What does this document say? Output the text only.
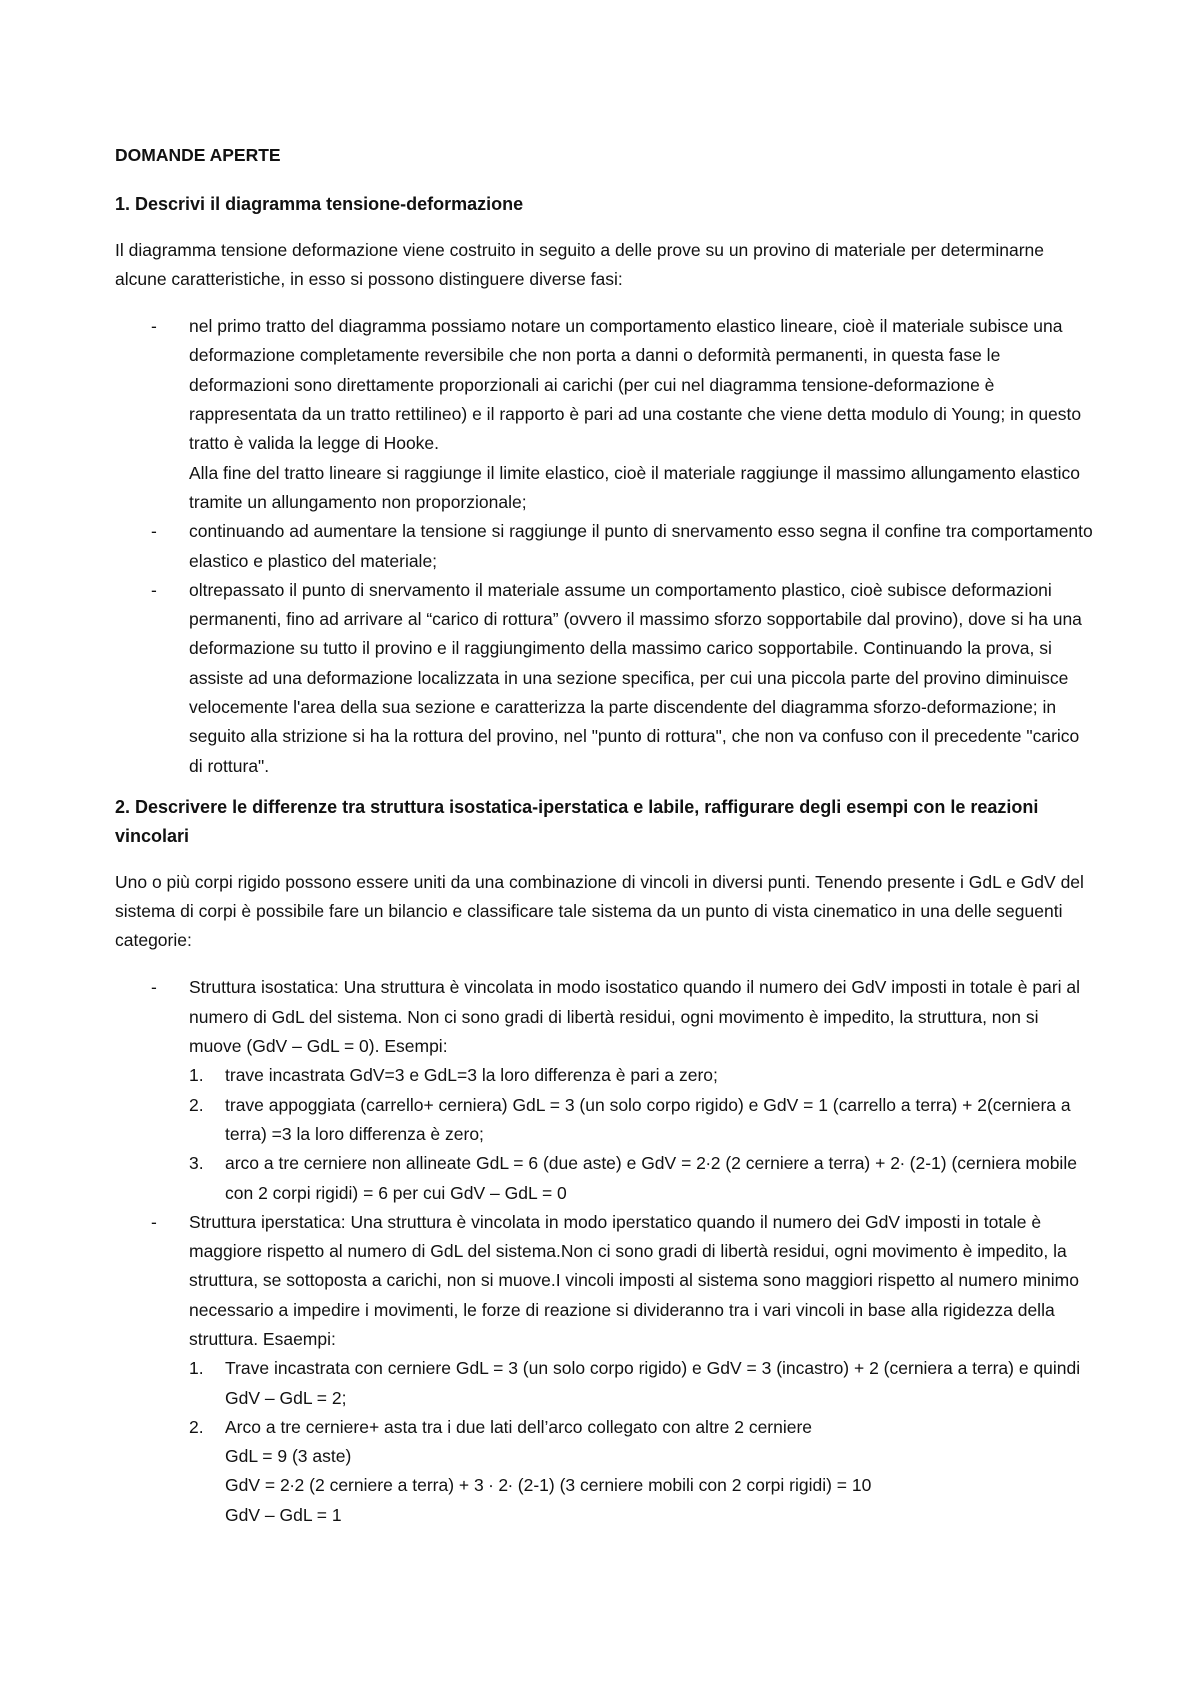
DOMANDE APERTE
1. Descrivi il diagramma tensione-deformazione
Il diagramma tensione deformazione viene costruito in seguito a delle prove su un provino di materiale per determinarne alcune caratteristiche, in esso si possono distinguere diverse fasi:
- nel primo tratto del diagramma possiamo notare un comportamento elastico lineare, cioè il materiale subisce una deformazione completamente reversibile che non porta a danni o deformità permanenti, in questa fase le deformazioni sono direttamente proporzionali ai carichi (per cui nel diagramma tensione-deformazione è rappresentata da un tratto rettilineo) e il rapporto è pari ad una costante che viene detta modulo di Young; in questo tratto è valida la legge di Hooke.
Alla fine del tratto lineare si raggiunge il limite elastico, cioè il materiale raggiunge il massimo allungamento elastico tramite un allungamento non proporzionale;
- continuando ad aumentare la tensione si raggiunge il punto di snervamento esso segna il confine tra comportamento elastico e plastico del materiale;
- oltrepassato il punto di snervamento il materiale assume un comportamento plastico, cioè subisce deformazioni permanenti, fino ad arrivare al “carico di rottura” (ovvero il massimo sforzo sopportabile dal provino), dove si ha una deformazione su tutto il provino e il raggiungimento della massimo carico sopportabile. Continuando la prova, si assiste ad una deformazione localizzata in una sezione specifica, per cui una piccola parte del provino diminuisce velocemente l'area della sua sezione e caratterizza la parte discendente del diagramma sforzo-deformazione; in seguito alla strizione si ha la rottura del provino, nel "punto di rottura", che non va confuso con il precedente "carico di rottura".
2. Descrivere le differenze tra struttura isostatica-iperstatica e labile, raffigurare degli esempi con le reazioni vincolari
Uno o più corpi rigido possono essere uniti da una combinazione di vincoli in diversi punti. Tenendo presente i GdL e GdV del sistema di corpi è possibile fare un bilancio e classificare tale sistema da un punto di vista cinematico in una delle seguenti categorie:
- Struttura isostatica: Una struttura è vincolata in modo isostatico quando il numero dei GdV imposti in totale è pari al numero di GdL del sistema. Non ci sono gradi di libertà residui, ogni movimento è impedito, la struttura, non si muove (GdV – GdL = 0). Esempi:
1. trave incastrata GdV=3 e GdL=3 la loro differenza è pari a zero;
2. trave appoggiata (carrello+ cerniera) GdL = 3 (un solo corpo rigido) e GdV = 1 (carrello a terra) + 2(cerniera a terra) =3 la loro differenza è zero;
3. arco a tre cerniere non allineate GdL = 6 (due aste) e GdV = 2∙2 (2 cerniere a terra) + 2∙ (2-1) (cerniera mobile con 2 corpi rigidi) = 6 per cui GdV – GdL = 0
- Struttura iperstatica: Una struttura è vincolata in modo iperstatico quando il numero dei GdV imposti in totale è maggiore rispetto al numero di GdL del sistema.Non ci sono gradi di libertà residui, ogni movimento è impedito, la struttura, se sottoposta a carichi, non si muove.I vincoli imposti al sistema sono maggiori rispetto al numero minimo necessario a impedire i movimenti, le forze di reazione si divideranno tra i vari vincoli in base alla rigidezza della struttura. Esaempi:
1. Trave incastrata con cerniere GdL = 3 (un solo corpo rigido) e GdV = 3 (incastro) + 2 (cerniera a terra) e quindi GdV – GdL = 2;
2. Arco a tre cerniere+ asta tra i due lati dell’arco collegato con altre 2 cerniere
GdL = 9 (3 aste)
GdV = 2∙2 (2 cerniere a terra) + 3 ∙ 2∙ (2-1) (3 cerniere mobili con 2 corpi rigidi) = 10
GdV – GdL = 1
